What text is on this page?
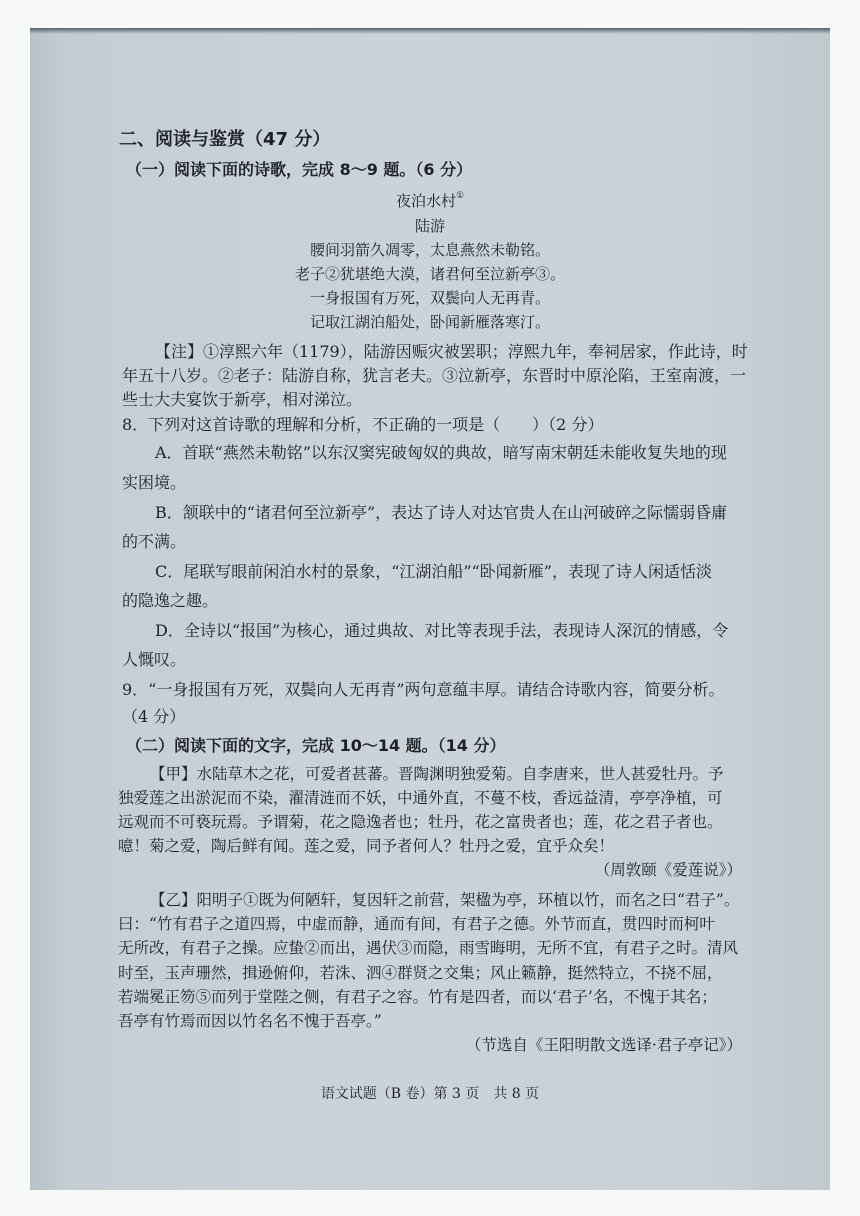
二、阅读与鉴赏（47 分）
（一）阅读下面的诗歌，完成 8～9 题。（6 分）
夜泊水村①
陆游
腰间羽箭久凋零，太息燕然未勒铭。
老子②犹堪绝大漠，诸君何至泣新亭③。
一身报国有万死，双鬓向人无再青。
记取江湖泊船处，卧闻新雁落寒汀。
【注】①淳熙六年（1179），陆游因赈灾被罢职；淳熙九年，奉祠居家，作此诗，时
年五十八岁。②老子：陆游自称，犹言老夫。③泣新亭，东晋时中原沦陷，王室南渡，一
些士大夫宴饮于新亭，相对涕泣。
8．下列对这首诗歌的理解和分析，不正确的一项是（　　）（2 分）
A．首联“燕然未勒铭”以东汉窦宪破匈奴的典故，暗写南宋朝廷未能收复失地的现
实困境。
B．颔联中的“诸君何至泣新亭”，表达了诗人对达官贵人在山河破碎之际懦弱昏庸
的不满。
C．尾联写眼前闲泊水村的景象，“江湖泊船”“卧闻新雁”，表现了诗人闲适恬淡
的隐逸之趣。
D．全诗以“报国”为核心，通过典故、对比等表现手法，表现诗人深沉的情感，令
人慨叹。
9．“一身报国有万死，双鬓向人无再青”两句意蕴丰厚。请结合诗歌内容，简要分析。
（4 分）
（二）阅读下面的文字，完成 10～14 题。（14 分）
【甲】水陆草木之花，可爱者甚蕃。晋陶渊明独爱菊。自李唐来，世人甚爱牡丹。予
独爱莲之出淤泥而不染，濯清涟而不妖，中通外直，不蔓不枝，香远益清，亭亭净植，可
远观而不可亵玩焉。予谓菊，花之隐逸者也；牡丹，花之富贵者也；莲，花之君子者也。
噫！菊之爱，陶后鲜有闻。莲之爱，同予者何人？牡丹之爱，宜乎众矣！
（周敦颐《爱莲说》）
【乙】阳明子①既为何陋轩，复因轩之前营，架楹为亭，环植以竹，而名之曰“君子”。
曰：“竹有君子之道四焉，中虚而静，通而有间，有君子之德。外节而直，贯四时而柯叶
无所改，有君子之操。应蛰②而出，遇伏③而隐，雨雪晦明，无所不宜，有君子之时。清风
时至，玉声珊然，揖逊俯仰，若洙、泗④群贤之交集；风止籁静，挺然特立，不挠不屈，
若端冕正笏⑤而列于堂陛之侧，有君子之容。竹有是四者，而以‘君子’名，不愧于其名；
吾亭有竹焉而因以竹名名不愧于吾亭。”
（节选自《王阳明散文选译·君子亭记》）
语文试题（B 卷）第 3 页　共 8 页
